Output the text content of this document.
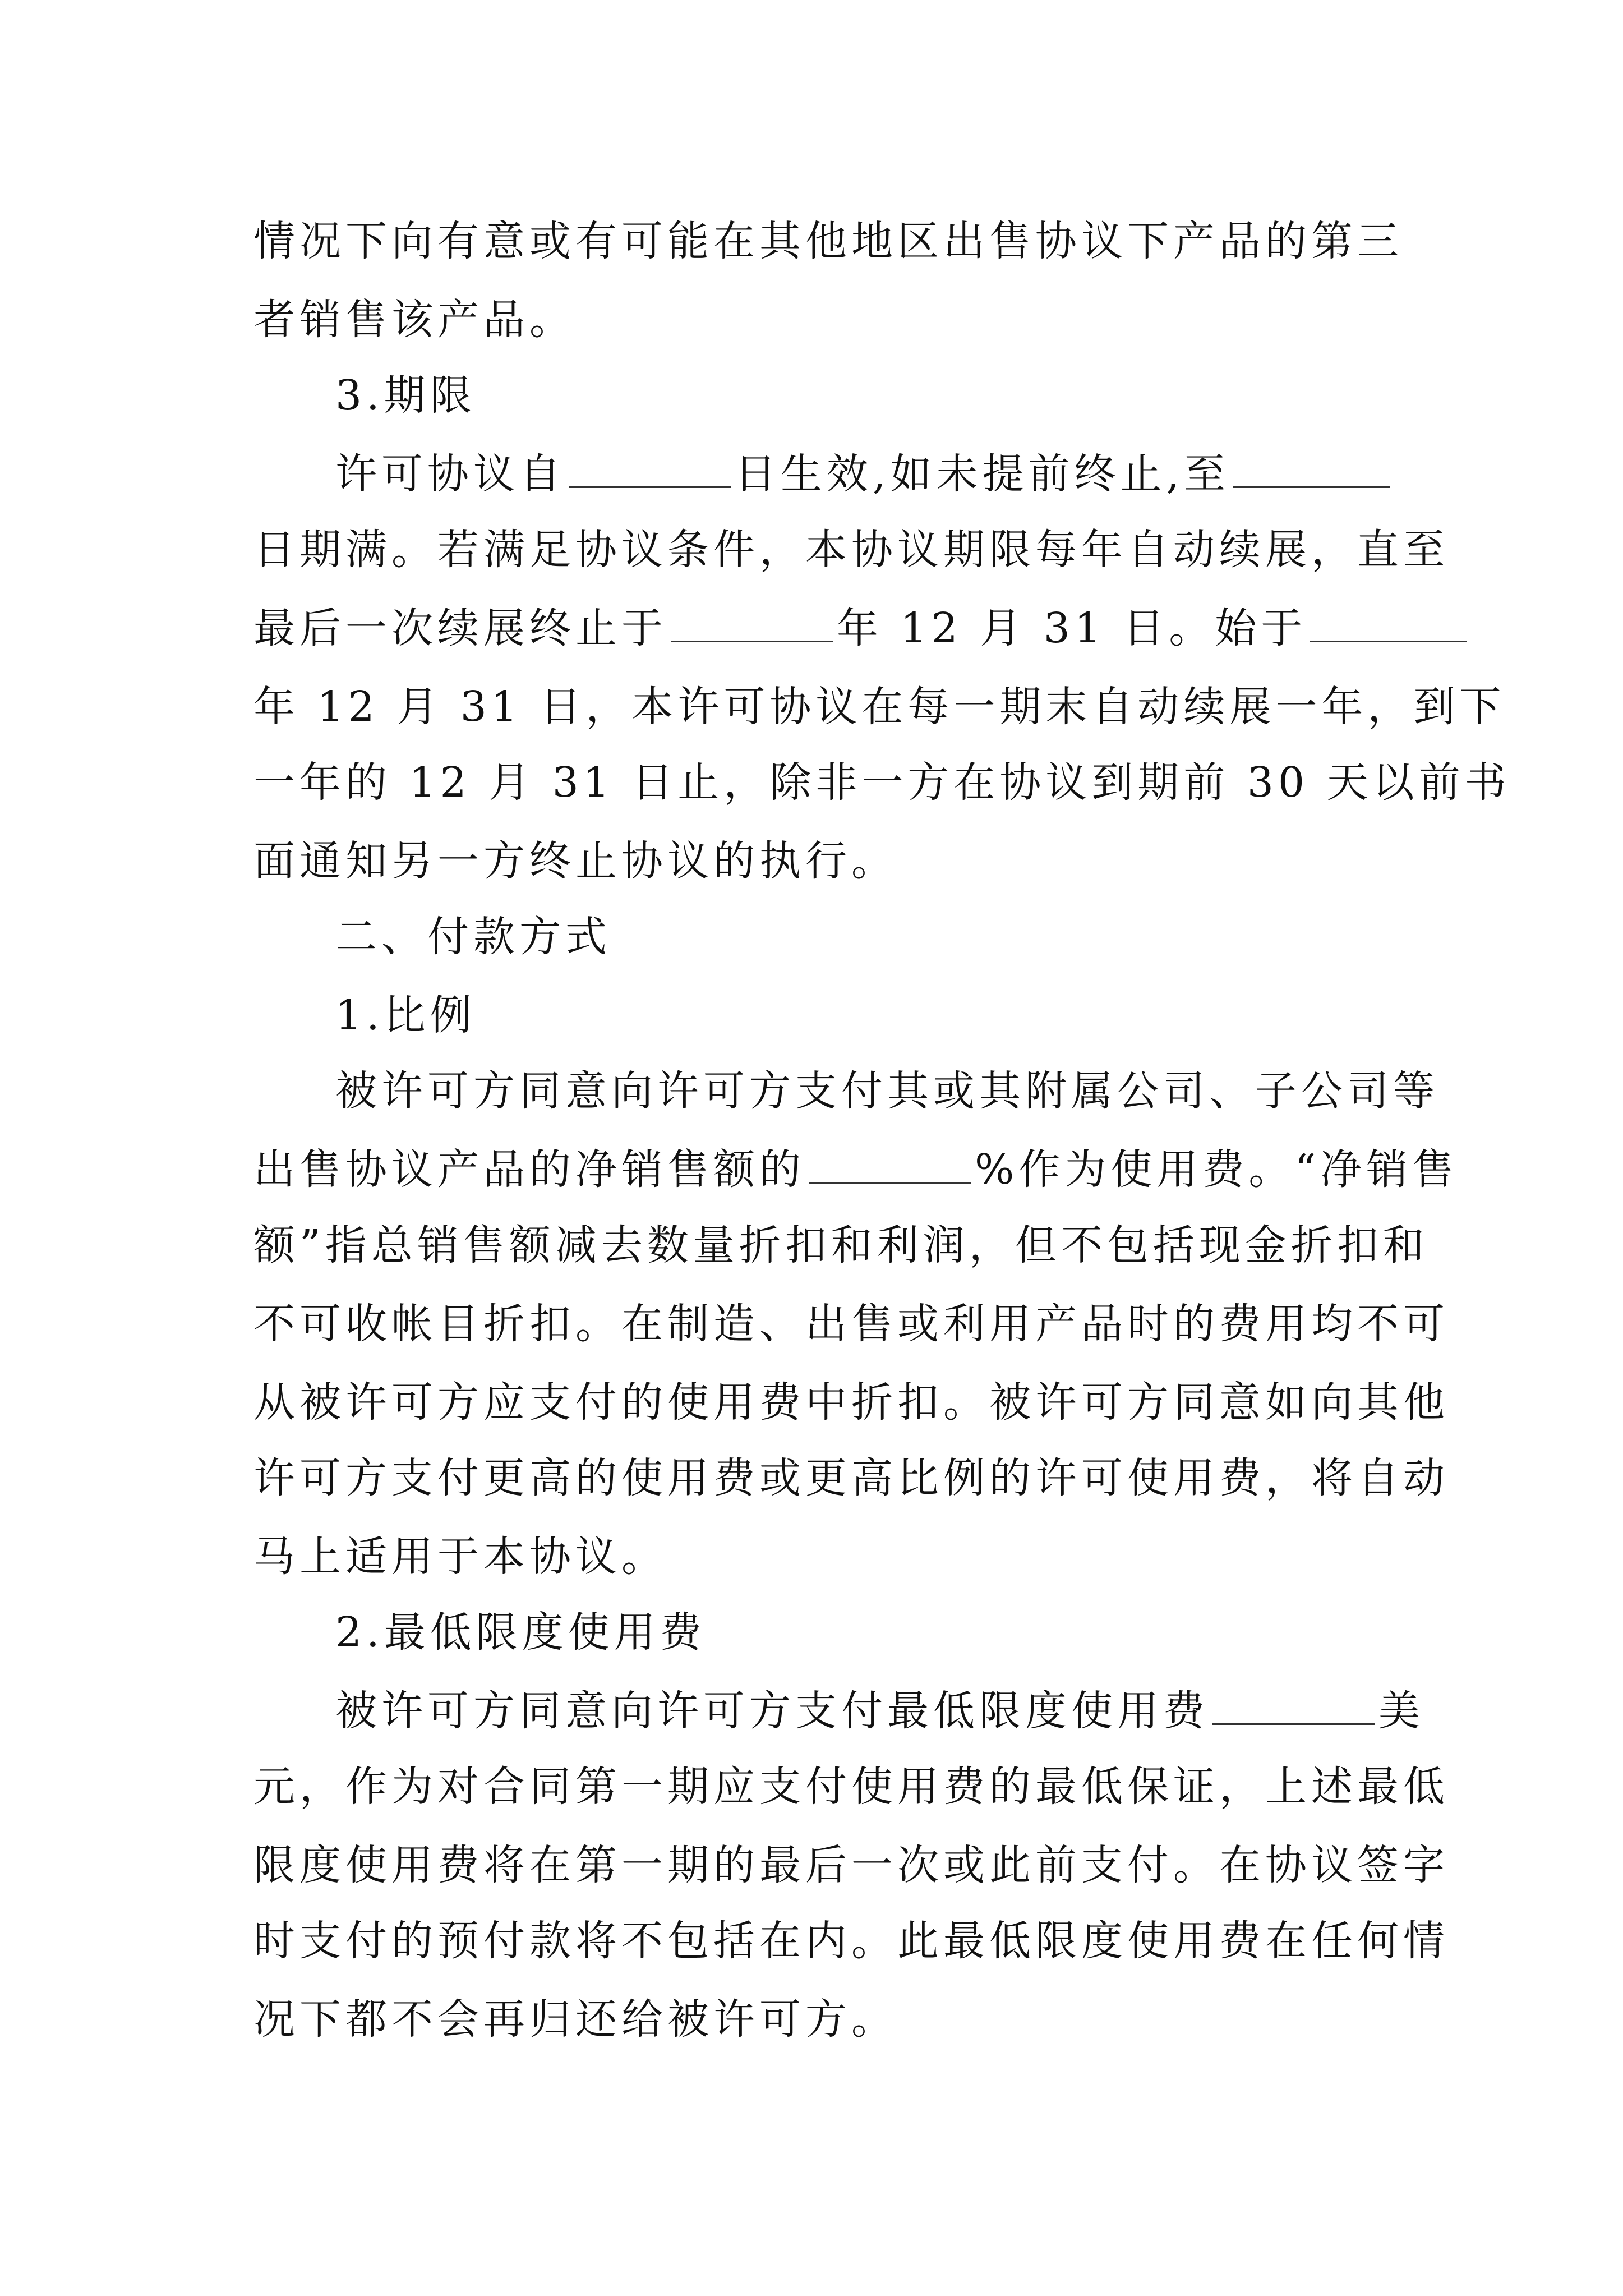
情况下向有意或有可能在其他地区出售协议下产品的第三
者销售该产品。
3.期限
许可协议自	日生效,如未提前终止,至
日期满。若满足协议条件，本协议期限每年自动续展，直至
最后一次续展终止于	年 12 月 31 日。始于
年 12 月 31 日，本许可协议在每一期末自动续展一年，到下
一年的 12 月 31 日止，除非一方在协议到期前 30 天以前书
面通知另一方终止协议的执行。
二、付款方式
1.比例
被许可方同意向许可方支付其或其附属公司、子公司等
出售协议产品的净销售额的	%作为使用费。“净销售
额”指总销售额减去数量折扣和利润，但不包括现金折扣和
不可收帐目折扣。在制造、出售或利用产品时的费用均不可
从被许可方应支付的使用费中折扣。被许可方同意如向其他
许可方支付更高的使用费或更高比例的许可使用费，将自动
马上适用于本协议。
2.最低限度使用费
被许可方同意向许可方支付最低限度使用费	美
元，作为对合同第一期应支付使用费的最低保证，上述最低
限度使用费将在第一期的最后一次或此前支付。在协议签字
时支付的预付款将不包括在内。此最低限度使用费在任何情
况下都不会再归还给被许可方。
